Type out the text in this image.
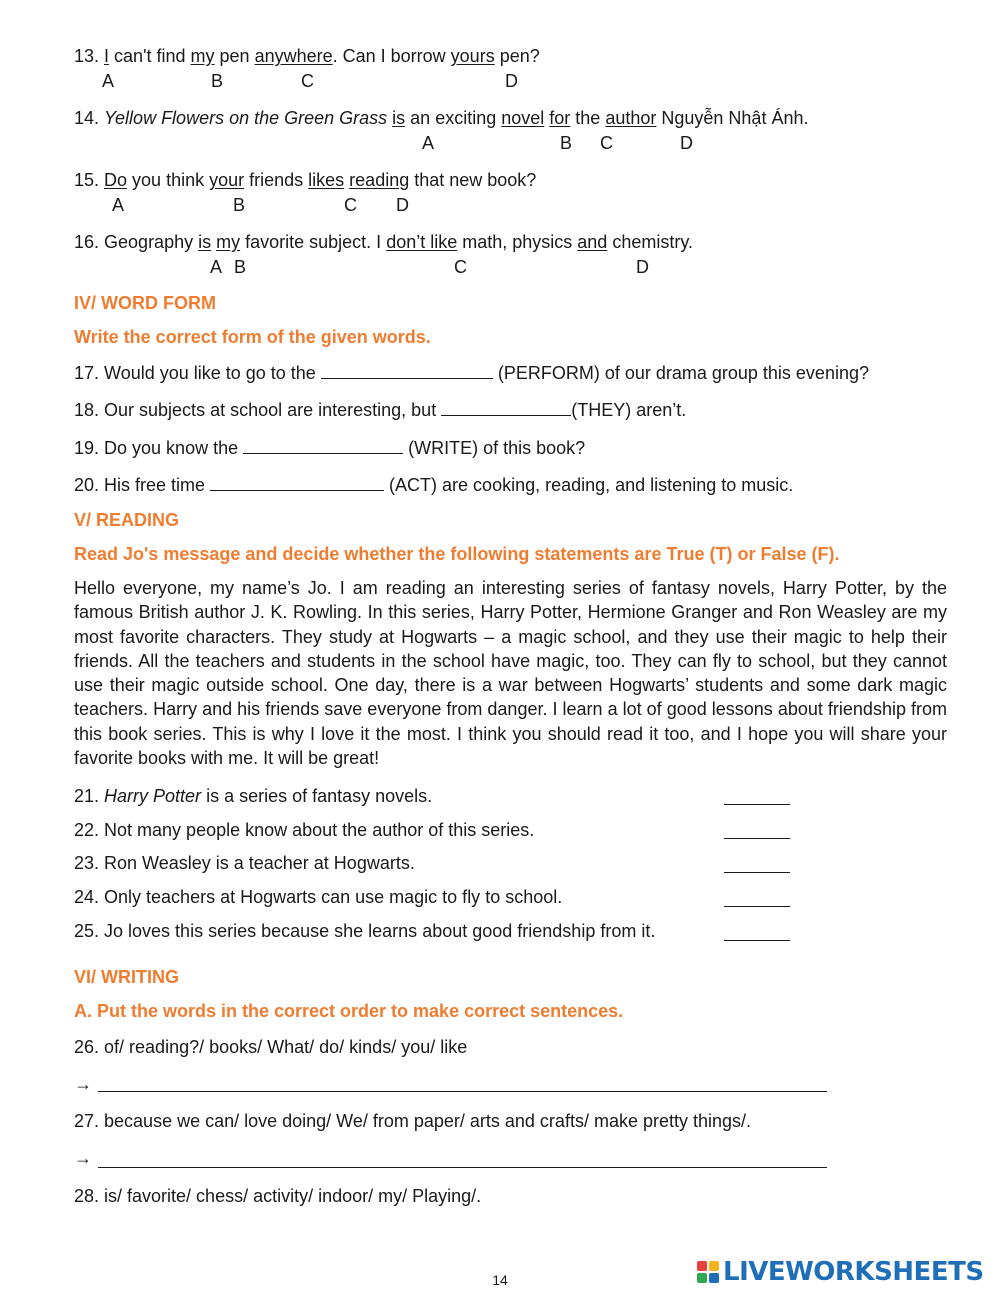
13. I can't find my pen anywhere. Can I borrow yours pen?
A	B	C	D
14. Yellow Flowers on the Green Grass is an exciting novel for the author Nguyễn Nhật Ánh.
A	B C	D
15. Do you think your friends likes reading that new book?
A	B	C D
16. Geography is my favorite subject. I don’t like math, physics and chemistry.
A B	C	D
IV/ WORD FORM
Write the correct form of the given words.
17. Would you like to go to the	(PERFORM) of our drama group this evening?
18. Our subjects at school are interesting, but	(THEY) aren’t.
19. Do you know the	(WRITE) of this book?
20. His free time	(ACT) are cooking, reading, and listening to music.
V/ READING
Read Jo's message and decide whether the following statements are True (T) or False (F).
Hello everyone, my name’s Jo. I am reading an interesting series of fantasy novels, Harry Potter, by the famous British author J. K. Rowling. In this series, Harry Potter, Hermione Granger and Ron Weasley are my most favorite characters. They study at Hogwarts – a magic school, and they use their magic to help their friends. All the teachers and students in the school have magic, too. They can fly to school, but they cannot use their magic outside school. One day, there is a war between Hogwarts’ students and some dark magic teachers. Harry and his friends save everyone from danger. I learn a lot of good lessons about friendship from this book series. This is why I love it the most. I think you should read it too, and I hope you will share your favorite books with me. It will be great!
21. Harry Potter is a series of fantasy novels.
22. Not many people know about the author of this series.
23. Ron Weasley is a teacher at Hogwarts.
24. Only teachers at Hogwarts can use magic to fly to school.
25. Jo loves this series because she learns about good friendship from it.
VI/ WRITING
A. Put the words in the correct order to make correct sentences.
26. of/ reading?/ books/ What/ do/ kinds/ you/ like
→
27. because we can/ love doing/ We/ from paper/ arts and crafts/ make pretty things/.
→
28. is/ favorite/ chess/ activity/ indoor/ my/ Playing/.
14	LIVEWORKSHEETS
